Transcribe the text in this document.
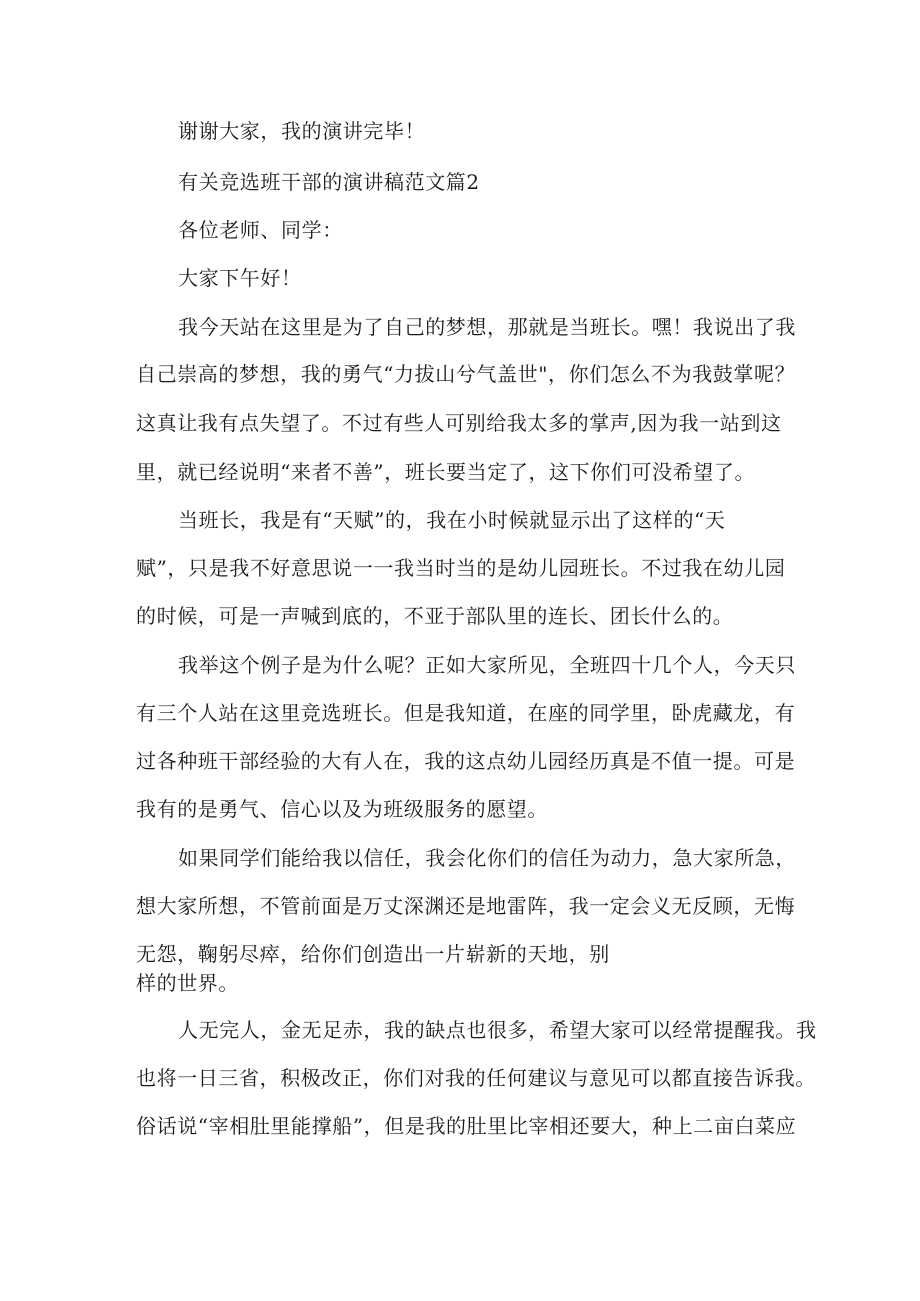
谢谢大家，我的演讲完毕！
有关竞选班干部的演讲稿范文篇2
各位老师、同学：
大家下午好！
我今天站在这里是为了自己的梦想，那就是当班长。嘿！我说出了我
自己崇高的梦想，我的勇气“力拔山兮气盖世"，你们怎么不为我鼓掌呢？
这真让我有点失望了。不过有些人可别给我太多的掌声,因为我一站到这
里，就已经说明“来者不善”，班长要当定了，这下你们可没希望了。
当班长，我是有“天赋”的，我在小时候就显示出了这样的“天
赋”，只是我不好意思说一一我当时当的是幼儿园班长。不过我在幼儿园
的时候，可是一声喊到底的，不亚于部队里的连长、团长什么的。
我举这个例子是为什么呢？正如大家所见，全班四十几个人，今天只
有三个人站在这里竞选班长。但是我知道，在座的同学里，卧虎藏龙，有
过各种班干部经验的大有人在，我的这点幼儿园经历真是不值一提。可是
我有的是勇气、信心以及为班级服务的愿望。
如果同学们能给我以信任，我会化你们的信任为动力，急大家所急，
想大家所想，不管前面是万丈深渊还是地雷阵，我一定会义无反顾，无悔
无怨，鞠躬尽瘁，给你们创造出一片崭新的天地，别
样的世界。
人无完人，金无足赤，我的缺点也很多，希望大家可以经常提醒我。我
也将一日三省，积极改正，你们对我的任何建议与意见可以都直接告诉我。
俗话说“宰相肚里能撑船”，但是我的肚里比宰相还要大，种上二亩白菜应
